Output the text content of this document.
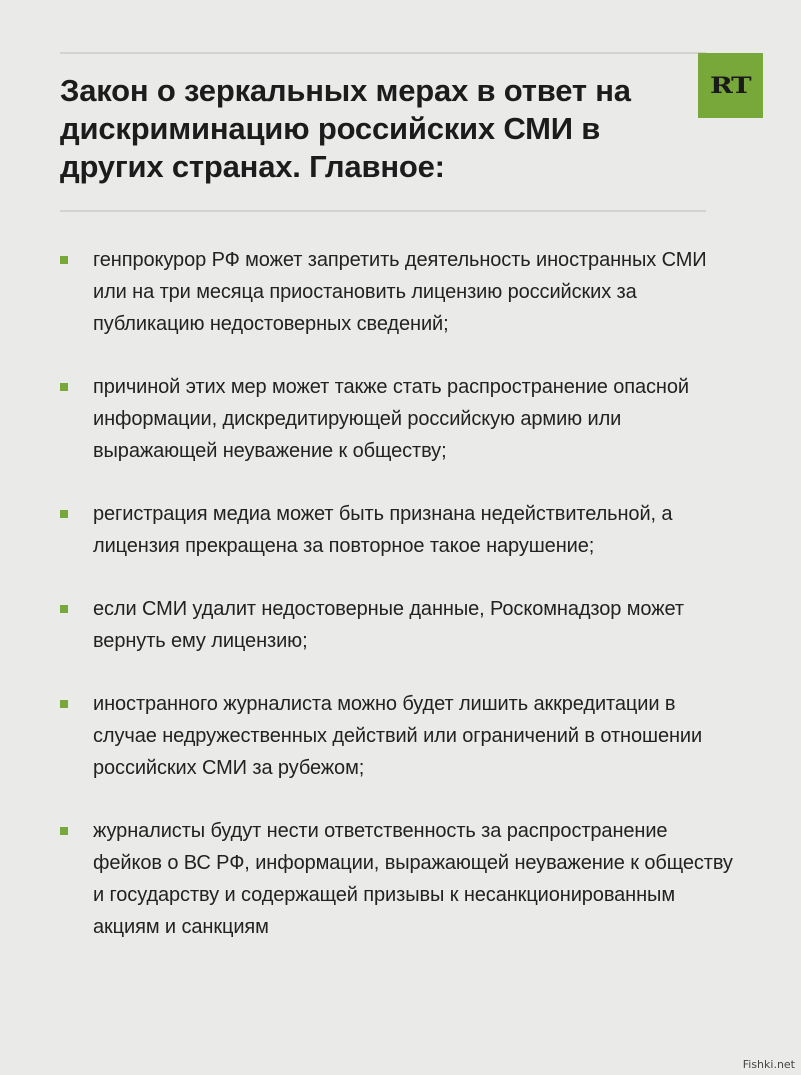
Закон о зеркальных мерах в ответ на дискриминацию российских СМИ в других странах. Главное:
RT
генпрокурор РФ может запретить деятельность иностранных СМИ или на три месяца приостановить лицензию российских за публикацию недостоверных сведений;
причиной этих мер может также стать распространение опасной информации, дискредитирующей российскую армию или выражающей неуважение к обществу;
регистрация медиа может быть признана недействительной, а лицензия прекращена за повторное такое нарушение;
если СМИ удалит недостоверные данные, Роскомнадзор может вернуть ему лицензию;
иностранного журналиста можно будет лишить аккредитации в случае недружественных действий или ограничений в отношении российских СМИ за рубежом;
журналисты будут нести ответственность за распространение фейков о ВС РФ, информации, выражающей неуважение к обществу и государству и содержащей призывы к несанкционированным акциям и санкциям
Fishki.net
